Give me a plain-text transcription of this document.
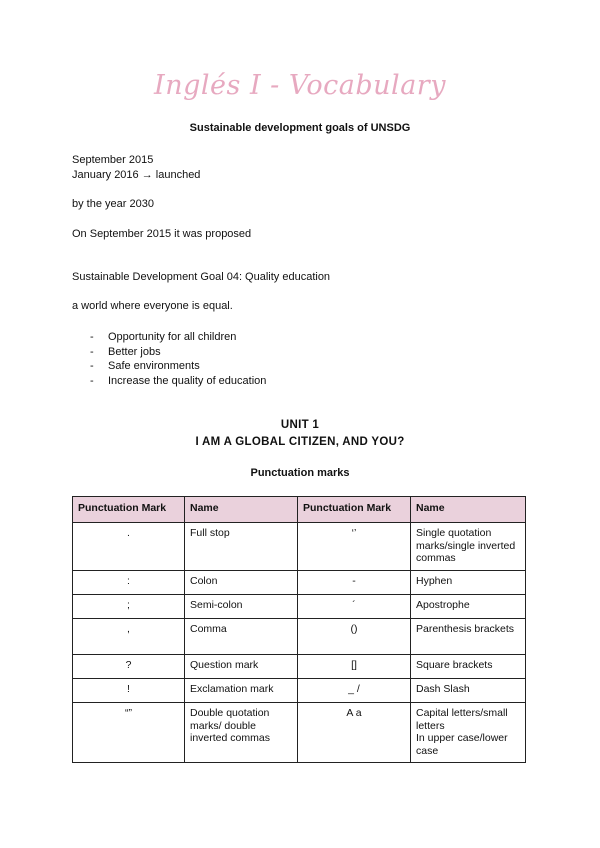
Inglés I - Vocabulary
Sustainable development goals of UNSDG
September 2015
January 2016 → launched
by the year 2030
On September 2015 it was proposed
Sustainable Development Goal 04: Quality education
a world where everyone is equal.
- Opportunity for all children
- Better jobs
- Safe environments
- Increase the quality of education
UNIT 1
I AM A GLOBAL CITIZEN, AND YOU?
Punctuation marks
Punctuation Mark	Name	Punctuation Mark	Name
.	Full stop	‘’	Single quotation marks/single inverted commas
:	Colon	-	Hyphen
;	Semi-colon	´	Apostrophe
,	Comma	()	Parenthesis brackets
?	Question mark	[]	Square brackets
!	Exclamation mark	_ /	Dash Slash
“”	Double quotation marks/ double inverted commas	A a	Capital letters/small letters
In upper case/lower case
